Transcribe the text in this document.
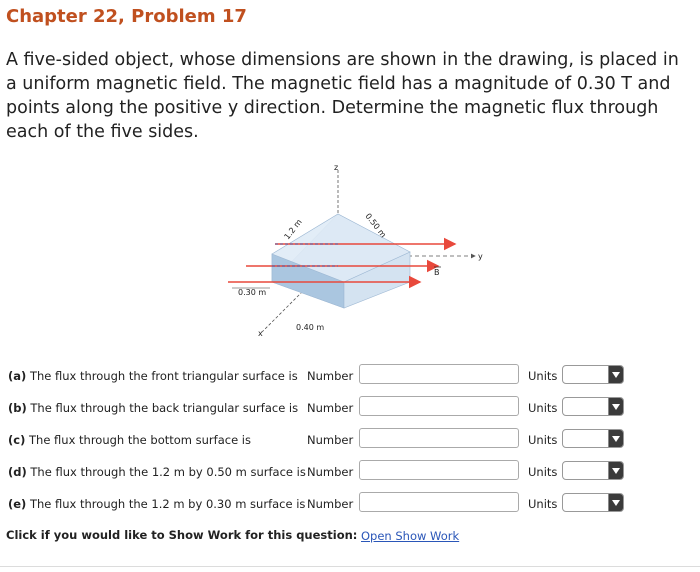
Chapter 22, Problem 17
A five-sided object, whose dimensions are shown in the drawing, is placed in a uniform magnetic field. The magnetic field has a magnitude of 0.30 T and points along the positive y direction. Determine the magnetic flux through each of the five sides.
z
y
x
B
1.2 m	0.50 m
0.30 m
0.40 m
(a) The flux through the front triangular surface is Number	Units
(b) The flux through the back triangular surface is Number	Units
(c) The flux through the bottom surface is	Number	Units
(d) The flux through the 1.2 m by 0.50 m surface is Number	Units
(e) The flux through the 1.2 m by 0.30 m surface is Number	Units
Click if you would like to Show Work for this question: Open Show Work
